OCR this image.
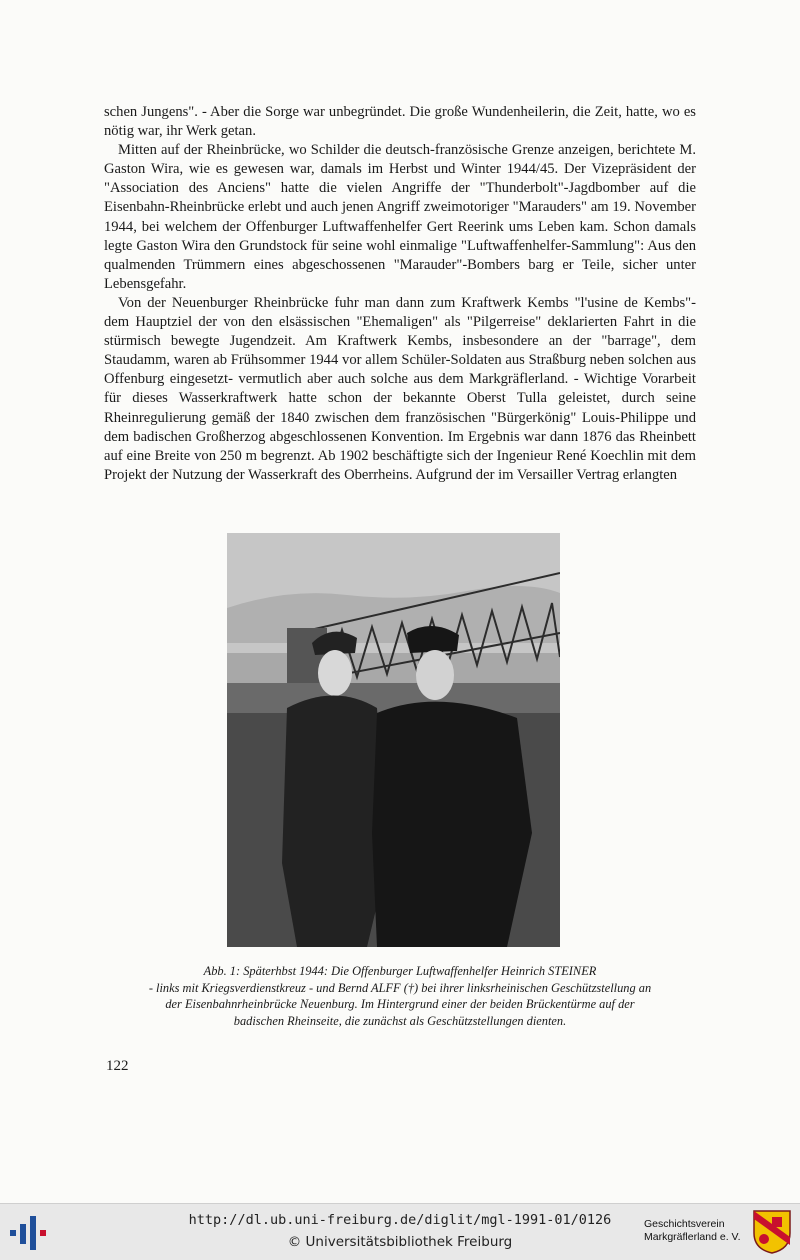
schen Jungens". - Aber die Sorge war unbegründet. Die große Wundenheilerin, die Zeit, hatte, wo es nötig war, ihr Werk getan.

Mitten auf der Rheinbrücke, wo Schilder die deutsch-französische Grenze anzeigen, berichtete M. Gaston Wira, wie es gewesen war, damals im Herbst und Winter 1944/45. Der Vizepräsident der "Association des Anciens" hatte die vielen Angriffe der "Thunderbolt"-Jagdbomber auf die Eisenbahn-Rheinbrücke erlebt und auch jenen Angriff zweimotoriger "Marauders" am 19. November 1944, bei welchem der Offenburger Luftwaffenhelfer Gert Reerink ums Leben kam. Schon damals legte Gaston Wira den Grundstock für seine wohl einmalige "Luftwaffenhelfer-Sammlung": Aus den qualmenden Trümmern eines abgeschossenen "Marauder"-Bombers barg er Teile, sicher unter Lebensgefahr.

Von der Neuenburger Rheinbrücke fuhr man dann zum Kraftwerk Kembs "l'usine de Kembs"- dem Hauptziel der von den elsässischen "Ehemaligen" als "Pilgerreise" deklarierten Fahrt in die stürmisch bewegte Jugendzeit. Am Kraftwerk Kembs, insbesondere an der "barrage", dem Staudamm, waren ab Frühsommer 1944 vor allem Schüler-Soldaten aus Straßburg neben solchen aus Offenburg eingesetzt- vermutlich aber auch solche aus dem Markgräflerland. - Wichtige Vorarbeit für dieses Wasserkraftwerk hatte schon der bekannte Oberst Tulla geleistet, durch seine Rheinregulierung gemäß der 1840 zwischen dem französischen "Bürgerkönig" Louis-Philippe und dem badischen Großherzog abgeschlossenen Konvention. Im Ergebnis war dann 1876 das Rheinbett auf eine Breite von 250 m begrenzt. Ab 1902 beschäftigte sich der Ingenieur René Koechlin mit dem Projekt der Nutzung der Wasserkraft des Oberrheins. Aufgrund der im Versailler Vertrag erlangten

Abb. 1: Späterhbst 1944: Die Offenburger Luftwaffenhelfer Heinrich STEINER
- links mit Kriegsverdienstkreuz - und Bernd ALFF (†) bei ihrer linksrheinischen Geschützstellung an
der Eisenbahnrheinbrücke Neuenburg. Im Hintergrund einer der beiden Brückentürme auf der
badischen Rheinseite, die zunächst als Geschützstellungen dienten.
122
http://dl.ub.uni-freiburg.de/diglit/mgl-1991-01/0126
© Universitätsbibliothek Freiburg
Geschichtsverein
Markgräflerland e. V.
